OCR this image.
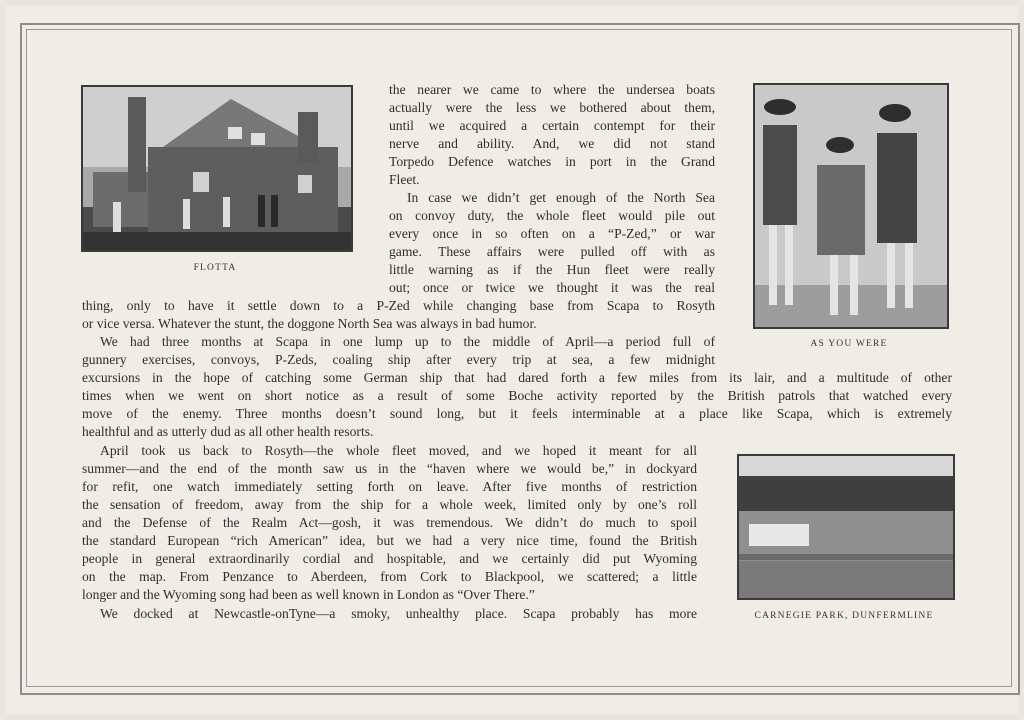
FLOTTA
AS YOU WERE
CARNEGIE PARK, DUNFERMLINE
the nearer we came to where the undersea boats
actually were the less we bothered about them,
until we acquired a certain contempt for their
nerve and ability. And, we did not stand
Torpedo Defence watches in port in the Grand
Fleet.
In case we didn’t get enough of the North Sea
on convoy duty, the whole fleet would pile out
every once in so often on a “P-Zed,” or war
game. These affairs were pulled off with as
little warning as if the Hun fleet were really
out; once or twice we thought it was the real
thing, only to have it settle down to a P-Zed while changing base from Scapa to Rosyth
or vice versa. Whatever the stunt, the doggone North Sea was always in bad humor.
We had three months at Scapa in one lump up to the middle of April—a period full of
gunnery exercises, convoys, P-Zeds, coaling ship after every trip at sea, a few midnight
excursions in the hope of catching some German ship that had dared forth a few miles from its lair, and a multitude of other
times when we went on short notice as a result of some Boche activity reported by the British patrols that watched every
move of the enemy. Three months doesn’t sound long, but it feels interminable at a place like Scapa, which is extremely
healthful and as utterly dud as all other health resorts.
April took us back to Rosyth—the whole fleet moved, and we hoped it meant for all
summer—and the end of the month saw us in the “haven where we would be,” in dockyard
for refit, one watch immediately setting forth on leave. After five months of restriction
the sensation of freedom, away from the ship for a whole week, limited only by one’s roll
and the Defense of the Realm Act—gosh, it was tremendous. We didn’t do much to spoil
the standard European “rich American” idea, but we had a very nice time, found the British
people in general extraordinarily cordial and hospitable, and we certainly did put Wyoming
on the map. From Penzance to Aberdeen, from Cork to Blackpool, we scattered; a little
longer and the Wyoming song had been as well known in London as “Over There.”
We docked at Newcastle-onTyne—a smoky, unhealthy place. Scapa probably has more
